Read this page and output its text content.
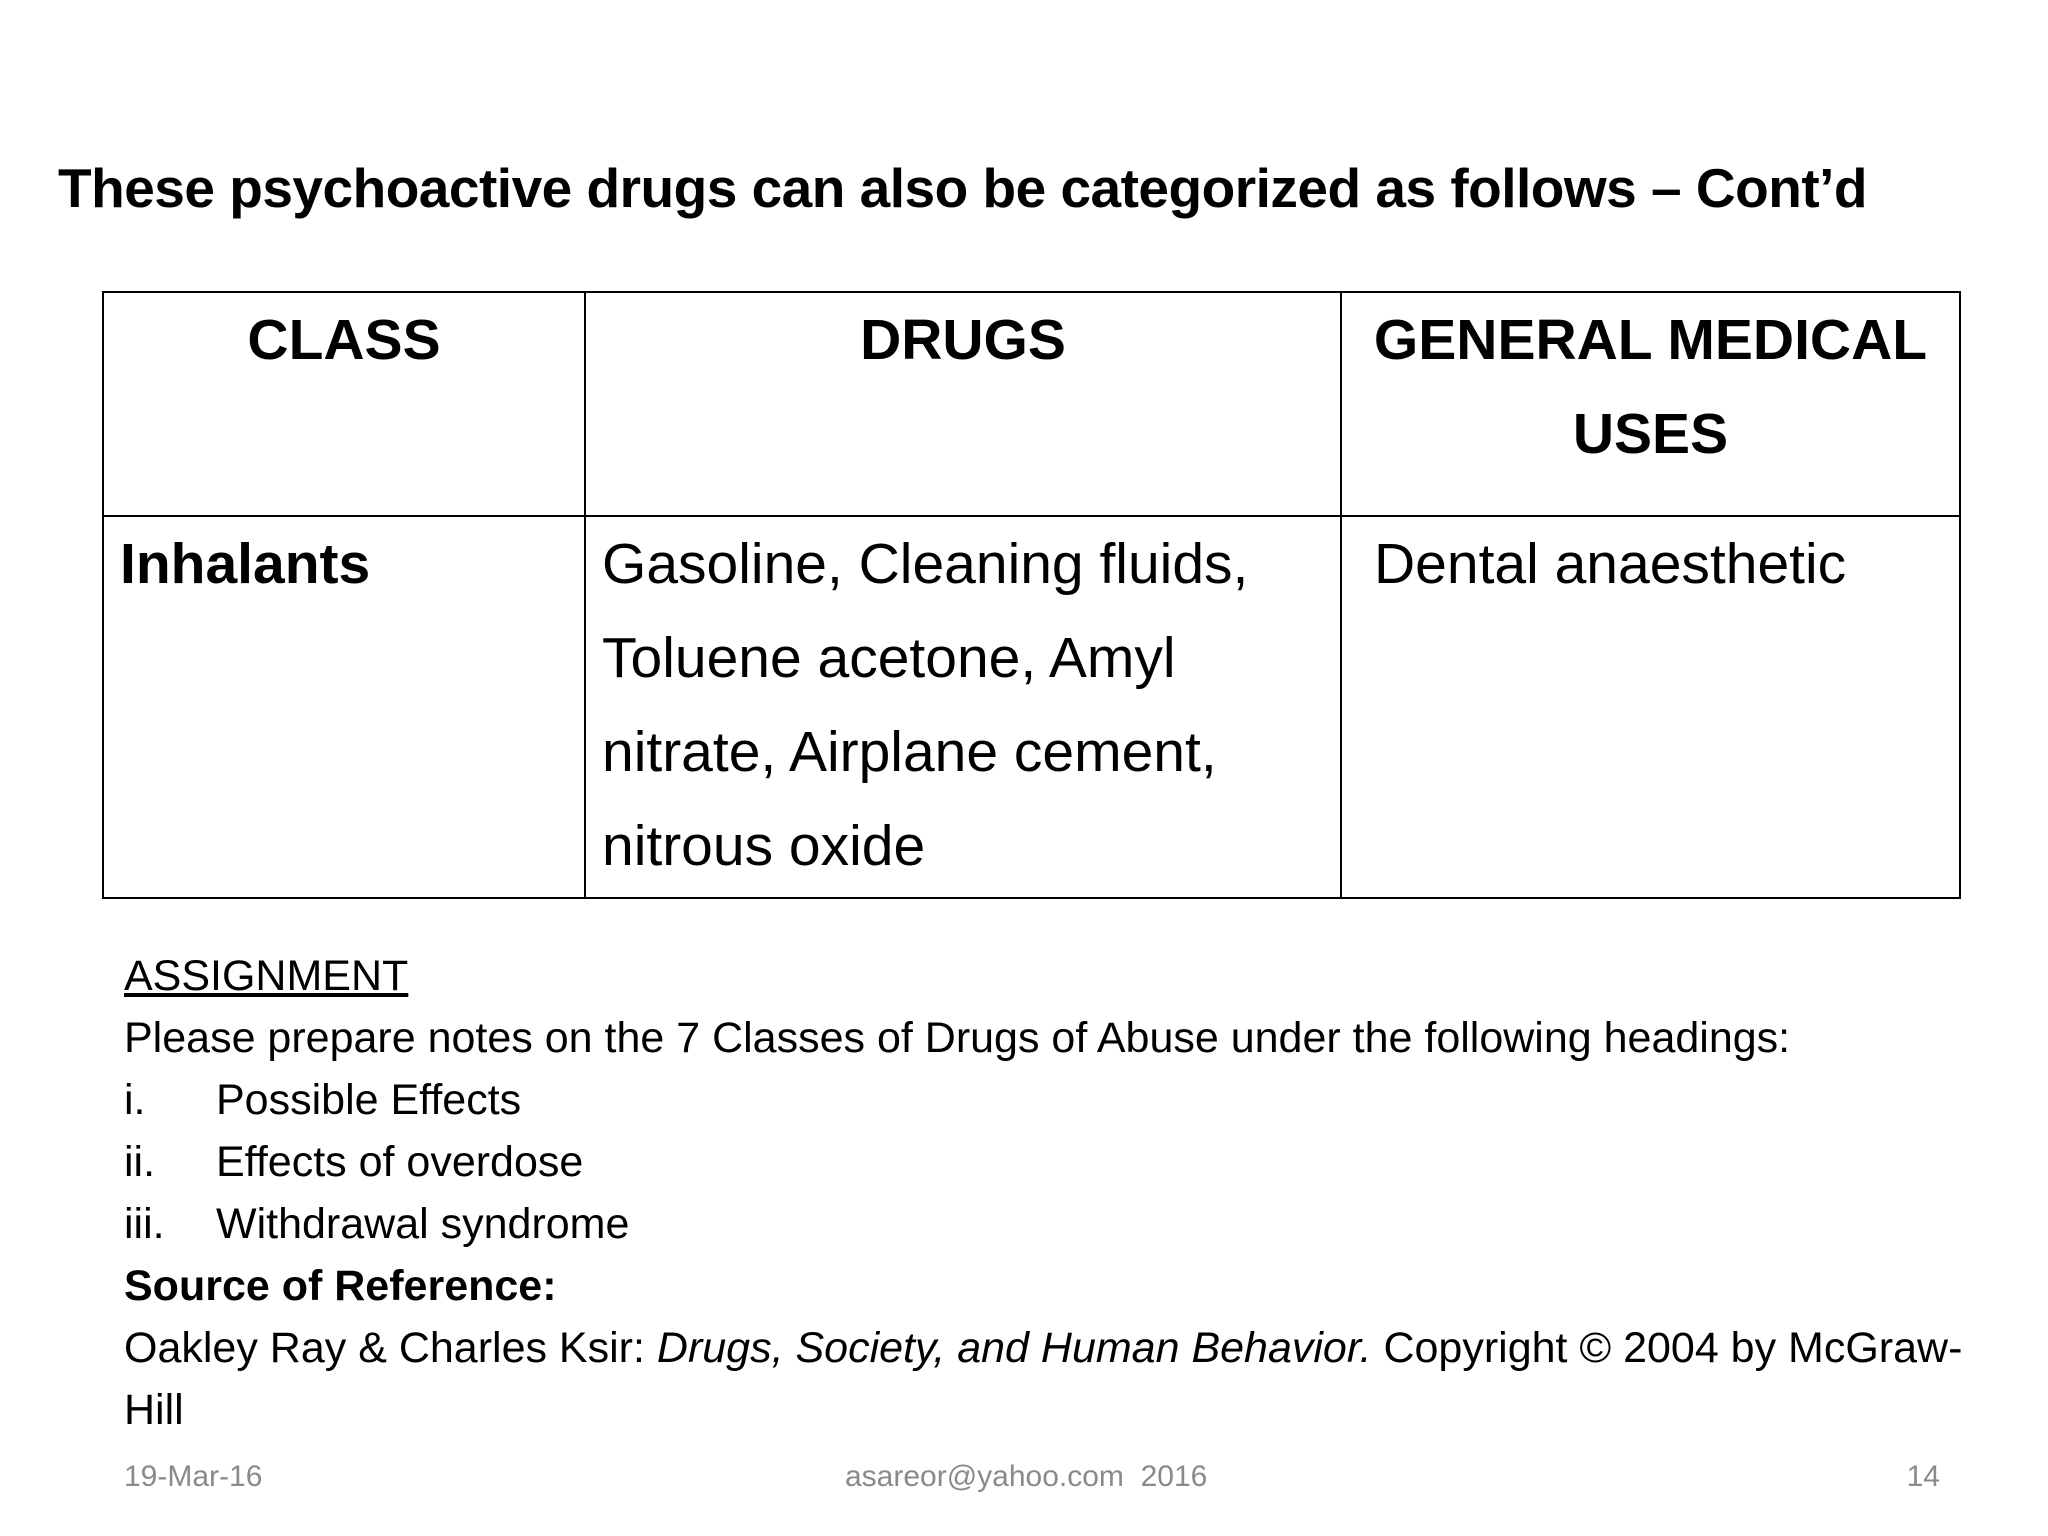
These psychoactive drugs can also be categorized as follows – Cont’d
CLASS	DRUGS	GENERAL MEDICAL USES
Inhalants	Gasoline, Cleaning fluids, Toluene acetone, Amyl nitrate, Airplane cement, nitrous oxide	Dental anaesthetic
ASSIGNMENT
Please prepare notes on the 7 Classes of Drugs of Abuse under the following headings:
i.	Possible Effects
ii.	Effects of overdose
iii.	Withdrawal syndrome
Source of Reference:
Oakley Ray & Charles Ksir: Drugs, Society, and Human Behavior. Copyright © 2004 by McGraw-Hill
19-Mar-16	asareor@yahoo.com  2016	14
